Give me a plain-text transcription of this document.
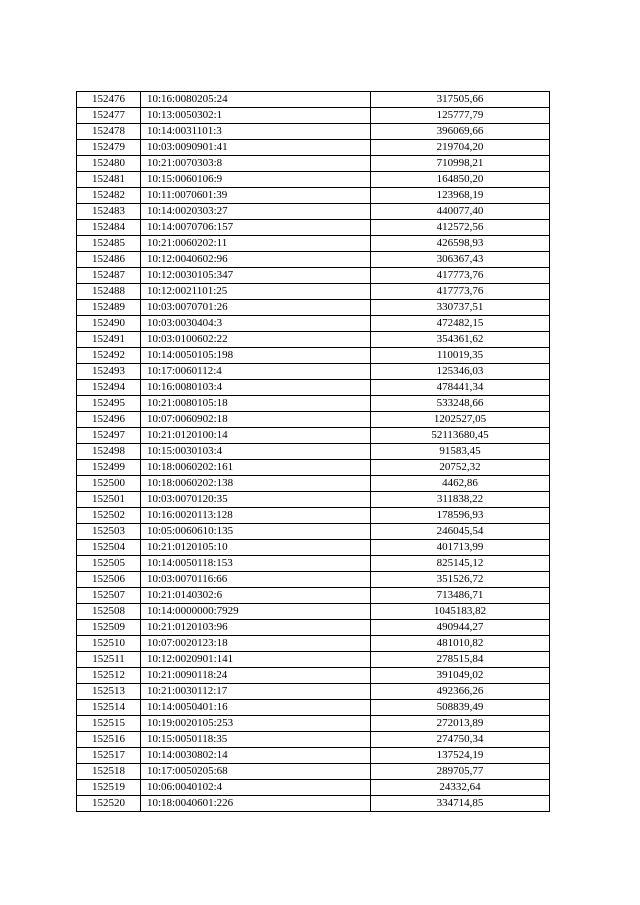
152476	10:16:0080205:24	317505,66
152477	10:13:0050302:1	125777,79
152478	10:14:0031101:3	396069,66
152479	10:03:0090901:41	219704,20
152480	10:21:0070303:8	710998,21
152481	10:15:0060106:9	164850,20
152482	10:11:0070601:39	123968,19
152483	10:14:0020303:27	440077,40
152484	10:14:0070706:157	412572,56
152485	10:21:0060202:11	426598,93
152486	10:12:0040602:96	306367,43
152487	10:12:0030105:347	417773,76
152488	10:12:0021101:25	417773,76
152489	10:03:0070701:26	330737,51
152490	10:03:0030404:3	472482,15
152491	10:03:0100602:22	354361,62
152492	10:14:0050105:198	110019,35
152493	10:17:0060112:4	125346,03
152494	10:16:0080103:4	478441,34
152495	10:21:0080105:18	533248,66
152496	10:07:0060902:18	1202527,05
152497	10:21:0120100:14	52113680,45
152498	10:15:0030103:4	91583,45
152499	10:18:0060202:161	20752,32
152500	10:18:0060202:138	4462,86
152501	10:03:0070120:35	311838,22
152502	10:16:0020113:128	178596,93
152503	10:05:0060610:135	246045,54
152504	10:21:0120105:10	401713,99
152505	10:14:0050118:153	825145,12
152506	10:03:0070116:66	351526,72
152507	10:21:0140302:6	713486,71
152508	10:14:0000000:7929	1045183,82
152509	10:21:0120103:96	490944,27
152510	10:07:0020123:18	481010,82
152511	10:12:0020901:141	278515,84
152512	10:21:0090118:24	391049,02
152513	10:21:0030112:17	492366,26
152514	10:14:0050401:16	508839,49
152515	10:19:0020105:253	272013,89
152516	10:15:0050118:35	274750,34
152517	10:14:0030802:14	137524,19
152518	10:17:0050205:68	289705,77
152519	10:06:0040102:4	24332,64
152520	10:18:0040601:226	334714,85
